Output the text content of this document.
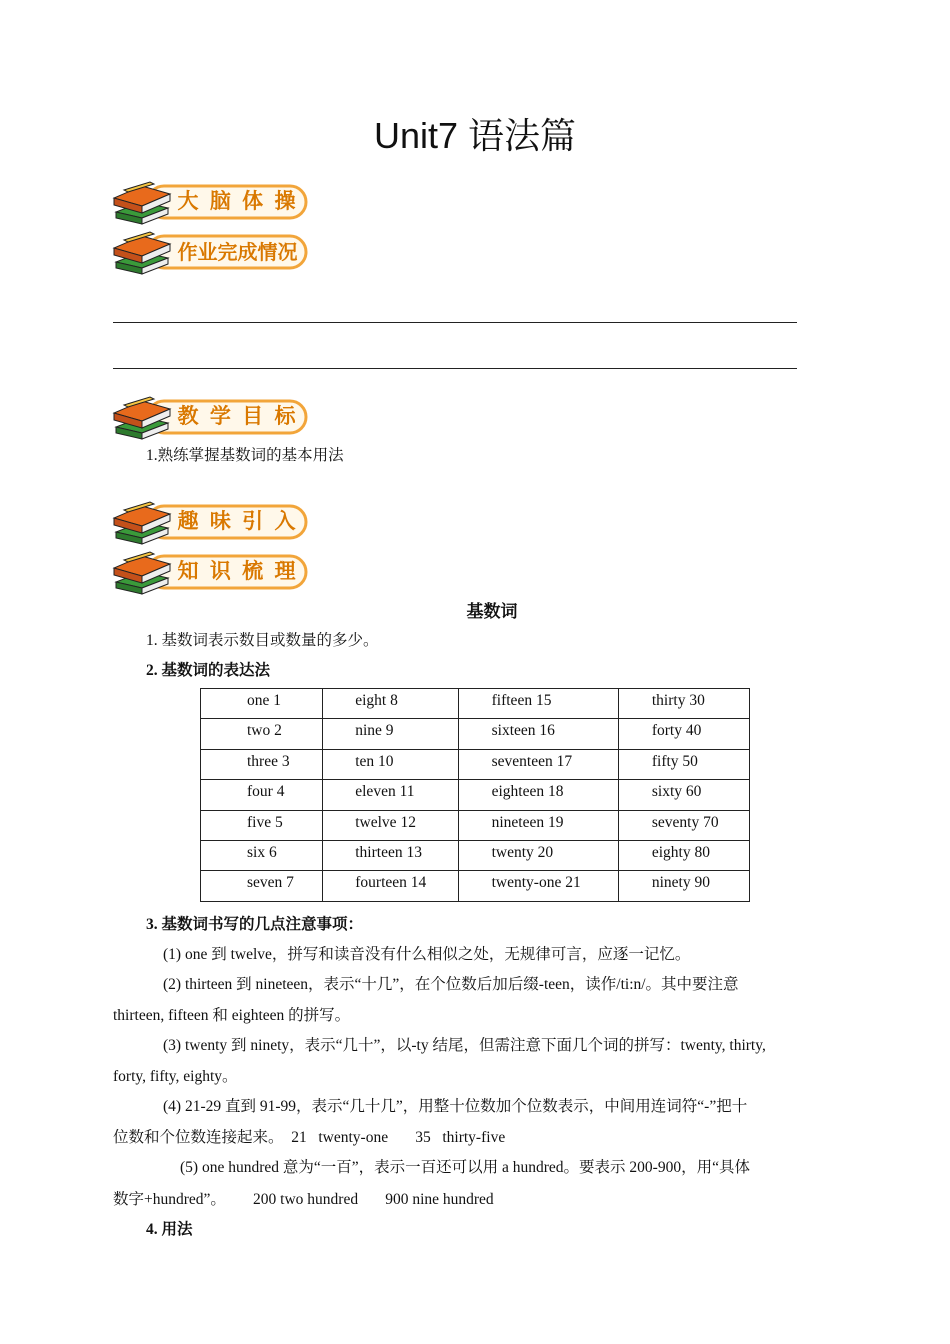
Unit7 语法篇
大 脑 体 操
作业完成情况
教 学 目 标
1.熟练掌握基数词的基本用法
趣 味 引 入
知 识 梳 理
基数词
1. 基数词表示数目或数量的多少。
2. 基数词的表达法
one 1	eight 8	fifteen 15	thirty 30
two 2	nine 9	sixteen 16	forty 40
three 3	ten 10	seventeen 17	fifty 50
four 4	eleven 11	eighteen 18	sixty 60
five 5	twelve 12	nineteen 19	seventy 70
six 6	thirteen 13	twenty 20	eighty 80
seven 7	fourteen 14	twenty-one 21	ninety 90
3. 基数词书写的几点注意事项：
(1) one 到 twelve，拼写和读音没有什么相似之处，无规律可言，应逐一记忆。
(2) thirteen 到 nineteen，表示“十几”，在个位数后加后缀-teen，读作/ti:n/。其中要注意
thirteen, fifteen 和 eighteen 的拼写。
(3) twenty 到 ninety，表示“几十”，以-ty 结尾，但需注意下面几个词的拼写：twenty, thirty,
forty, fifty, eighty。
(4) 21-29 直到 91-99，表示“几十几”，用整十位数加个位数表示，中间用连词符“-”把十
位数和个位数连接起来。  21   twenty-one       35   thirty-five
(5) one hundred 意为“一百”，表示一百还可以用 a hundred。要表示 200-900，用“具体
数字+hundred”。       200 two hundred       900 nine hundred
4. 用法
